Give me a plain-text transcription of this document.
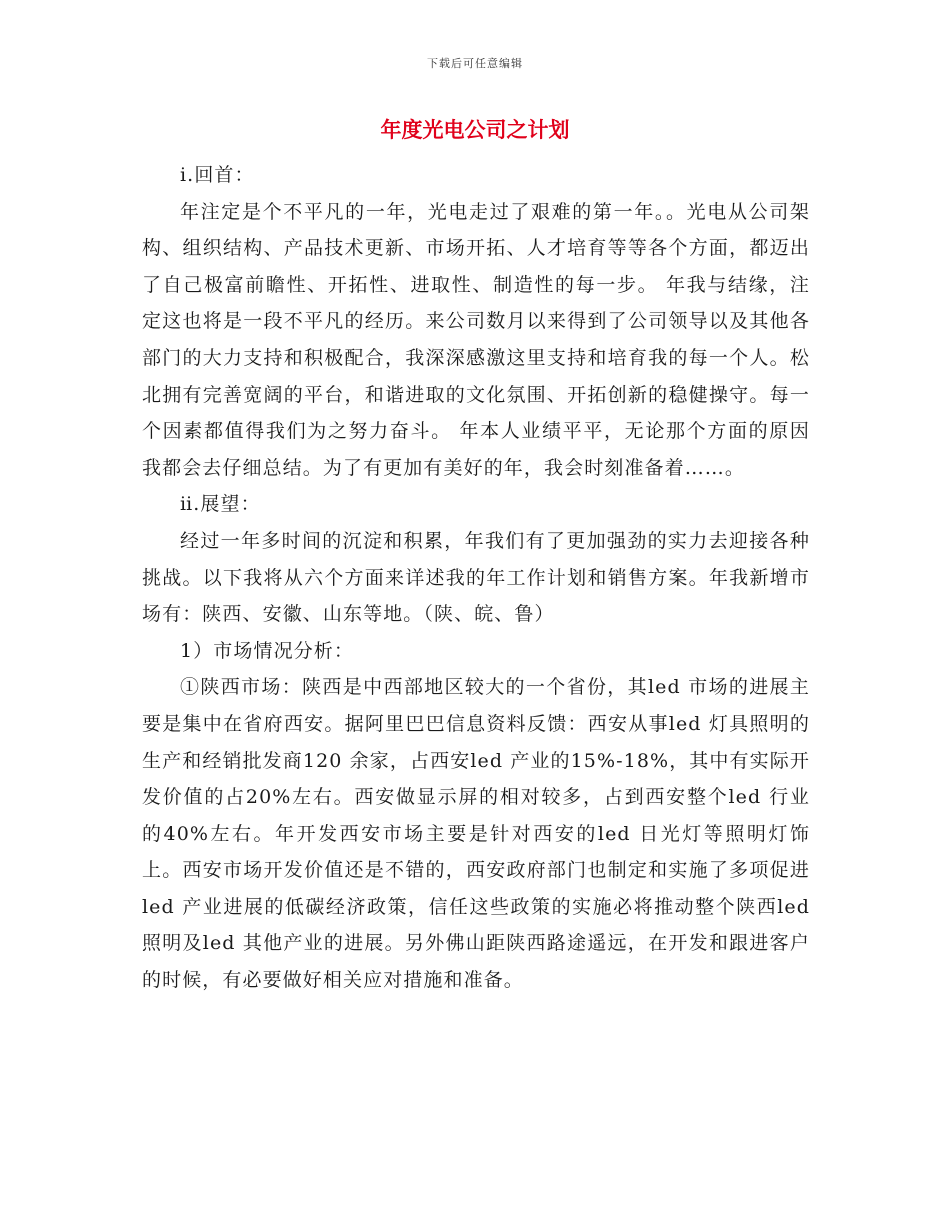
下载后可任意编辑
年度光电公司之计划

ⅰ.回首：

年注定是个不平凡的一年，光电走过了艰难的第一年。。光电从公司架构、组织结构、产品技术更新、市场开拓、人才培育等等各个方面，都迈出了自己极富前瞻性、开拓性、进取性、制造性的每一步。 年我与结缘，注定这也将是一段不平凡的经历。来公司数月以来得到了公司领导以及其他各部门的大力支持和积极配合，我深深感激这里支持和培育我的每一个人。松北拥有完善宽阔的平台，和谐进取的文化氛围、开拓创新的稳健操守。每一个因素都值得我们为之努力奋斗。 年本人业绩平平，无论那个方面的原因我都会去仔细总结。为了有更加有美好的年，我会时刻准备着……。

ⅱ.展望：

经过一年多时间的沉淀和积累，年我们有了更加强劲的实力去迎接各种挑战。以下我将从六个方面来详述我的年工作计划和销售方案。年我新增市场有：陕西、安徽、山东等地。（陕、皖、鲁）

1）市场情况分析：

①陕西市场：陕西是中西部地区较大的一个省份，其led 市场的进展主要是集中在省府西安。据阿里巴巴信息资料反馈：西安从事led 灯具照明的生产和经销批发商120 余家，占西安led 产业的15%-18%，其中有实际开发价值的占20%左右。西安做显示屏的相对较多，占到西安整个led 行业的40%左右。年开发西安市场主要是针对西安的led 日光灯等照明灯饰上。西安市场开发价值还是不错的，西安政府部门也制定和实施了多项促进led 产业进展的低碳经济政策，信任这些政策的实施必将推动整个陕西led 照明及led 其他产业的进展。另外佛山距陕西路途遥远，在开发和跟进客户的时候，有必要做好相关应对措施和准备。
